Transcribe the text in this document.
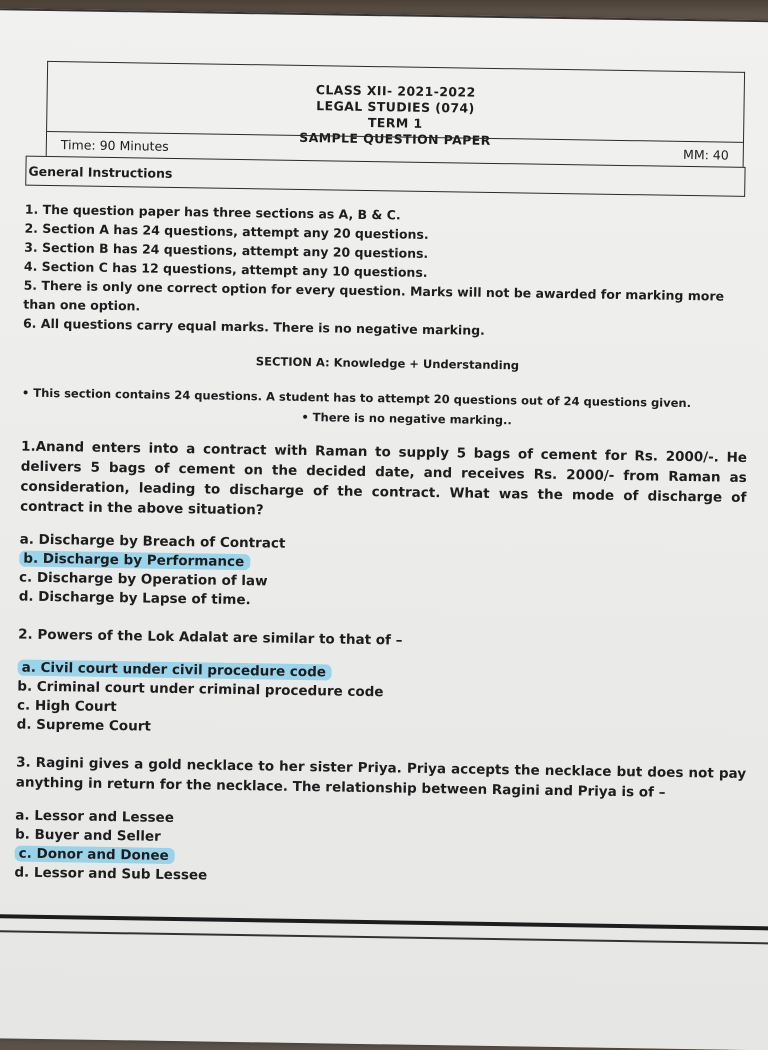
CLASS XII- 2021-2022
LEGAL STUDIES (074)
TERM 1
SAMPLE QUESTION PAPER
Time: 90 Minutes
MM: 40
General Instructions
1. The question paper has three sections as A, B & C.
2. Section A has 24 questions, attempt any 20 questions.
3. Section B has 24 questions, attempt any 20 questions.
4. Section C has 12 questions, attempt any 10 questions.
5. There is only one correct option for every question. Marks will not be awarded for marking more than one option.
6. All questions carry equal marks. There is no negative marking.
SECTION A: Knowledge + Understanding
• This section contains 24 questions. A student has to attempt 20 questions out of 24 questions given.
• There is no negative marking..
1.Anand enters into a contract with Raman to supply 5 bags of cement for Rs. 2000/-. He delivers 5 bags of cement on the decided date, and receives Rs. 2000/- from Raman as consideration, leading to discharge of the contract. What was the mode of discharge of contract in the above situation?
a. Discharge by Breach of Contract
b. Discharge by Performance
c. Discharge by Operation of law
d. Discharge by Lapse of time.
2. Powers of the Lok Adalat are similar to that of –
a. Civil court under civil procedure code
b. Criminal court under criminal procedure code
c. High Court
d. Supreme Court
3. Ragini gives a gold necklace to her sister Priya. Priya accepts the necklace but does not pay anything in return for the necklace. The relationship between Ragini and Priya is of –
a. Lessor and Lessee
b. Buyer and Seller
c. Donor and Donee
d. Lessor and Sub Lessee
